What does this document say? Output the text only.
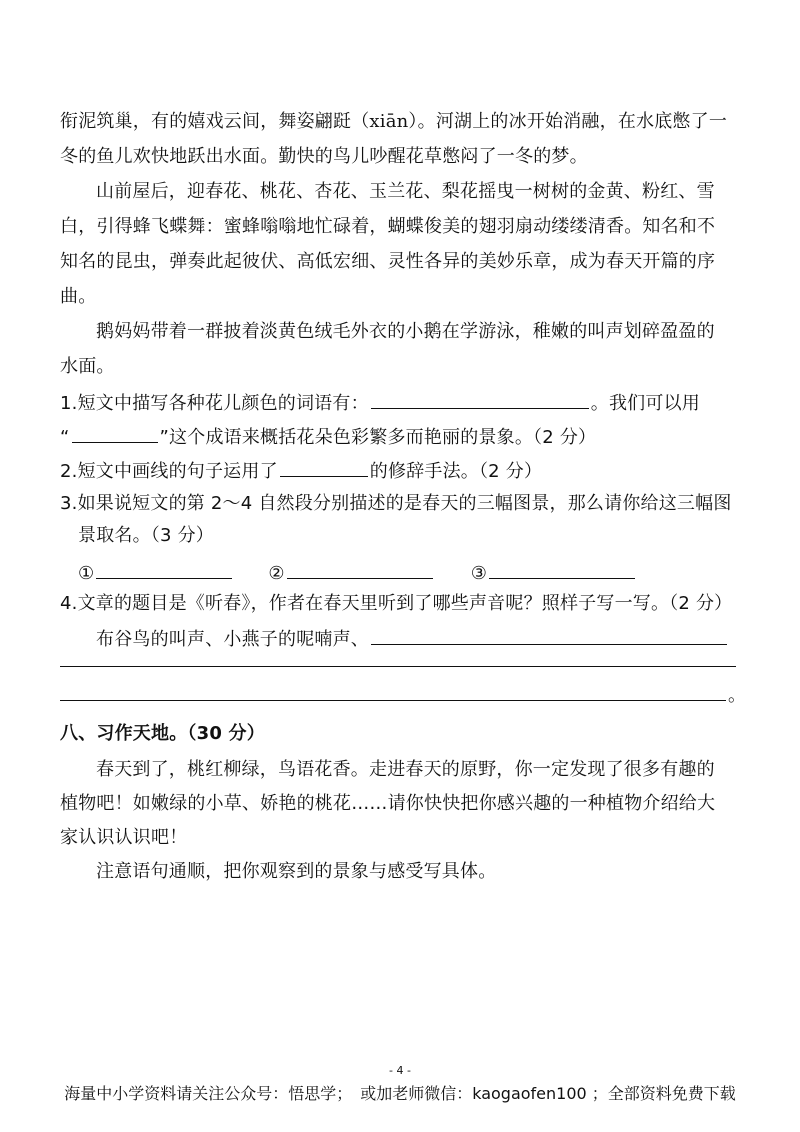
衔泥筑巢，有的嬉戏云间，舞姿翩跹（xiān）。河湖上的冰开始消融，在水底憋了一
冬的鱼儿欢快地跃出水面。勤快的鸟儿吵醒花草憋闷了一冬的梦。
山前屋后，迎春花、桃花、杏花、玉兰花、梨花摇曳一树树的金黄、粉红、雪
白，引得蜂飞蝶舞：蜜蜂嗡嗡地忙碌着，蝴蝶俊美的翅羽扇动缕缕清香。知名和不
知名的昆虫，弹奏此起彼伏、高低宏细、灵性各异的美妙乐章，成为春天开篇的序
曲。
鹅妈妈带着一群披着淡黄色绒毛外衣的小鹅在学游泳，稚嫩的叫声划碎盈盈的
水面。
1.短文中描写各种花儿颜色的词语有：	。我们可以用
“	”这个成语来概括花朵色彩繁多而艳丽的景象。（2 分）
2.短文中画线的句子运用了	的修辞手法。（2 分）
3.如果说短文的第 2～4 自然段分别描述的是春天的三幅图景，那么请你给这三幅图
景取名。（3 分）
①	②	③
4.文章的题目是《听春》，作者在春天里听到了哪些声音呢？照样子写一写。（2 分）
布谷鸟的叫声、小燕子的呢喃声、
。
八、习作天地。（30 分）
春天到了，桃红柳绿，鸟语花香。走进春天的原野，你一定发现了很多有趣的
植物吧！如嫩绿的小草、娇艳的桃花……请你快快把你感兴趣的一种植物介绍给大
家认识认识吧！
注意语句通顺，把你观察到的景象与感受写具体。
- 4 -
海量中小学资料请关注公众号：悟思学；　或加老师微信：kaogaofen100 ；全部资料免费下载
